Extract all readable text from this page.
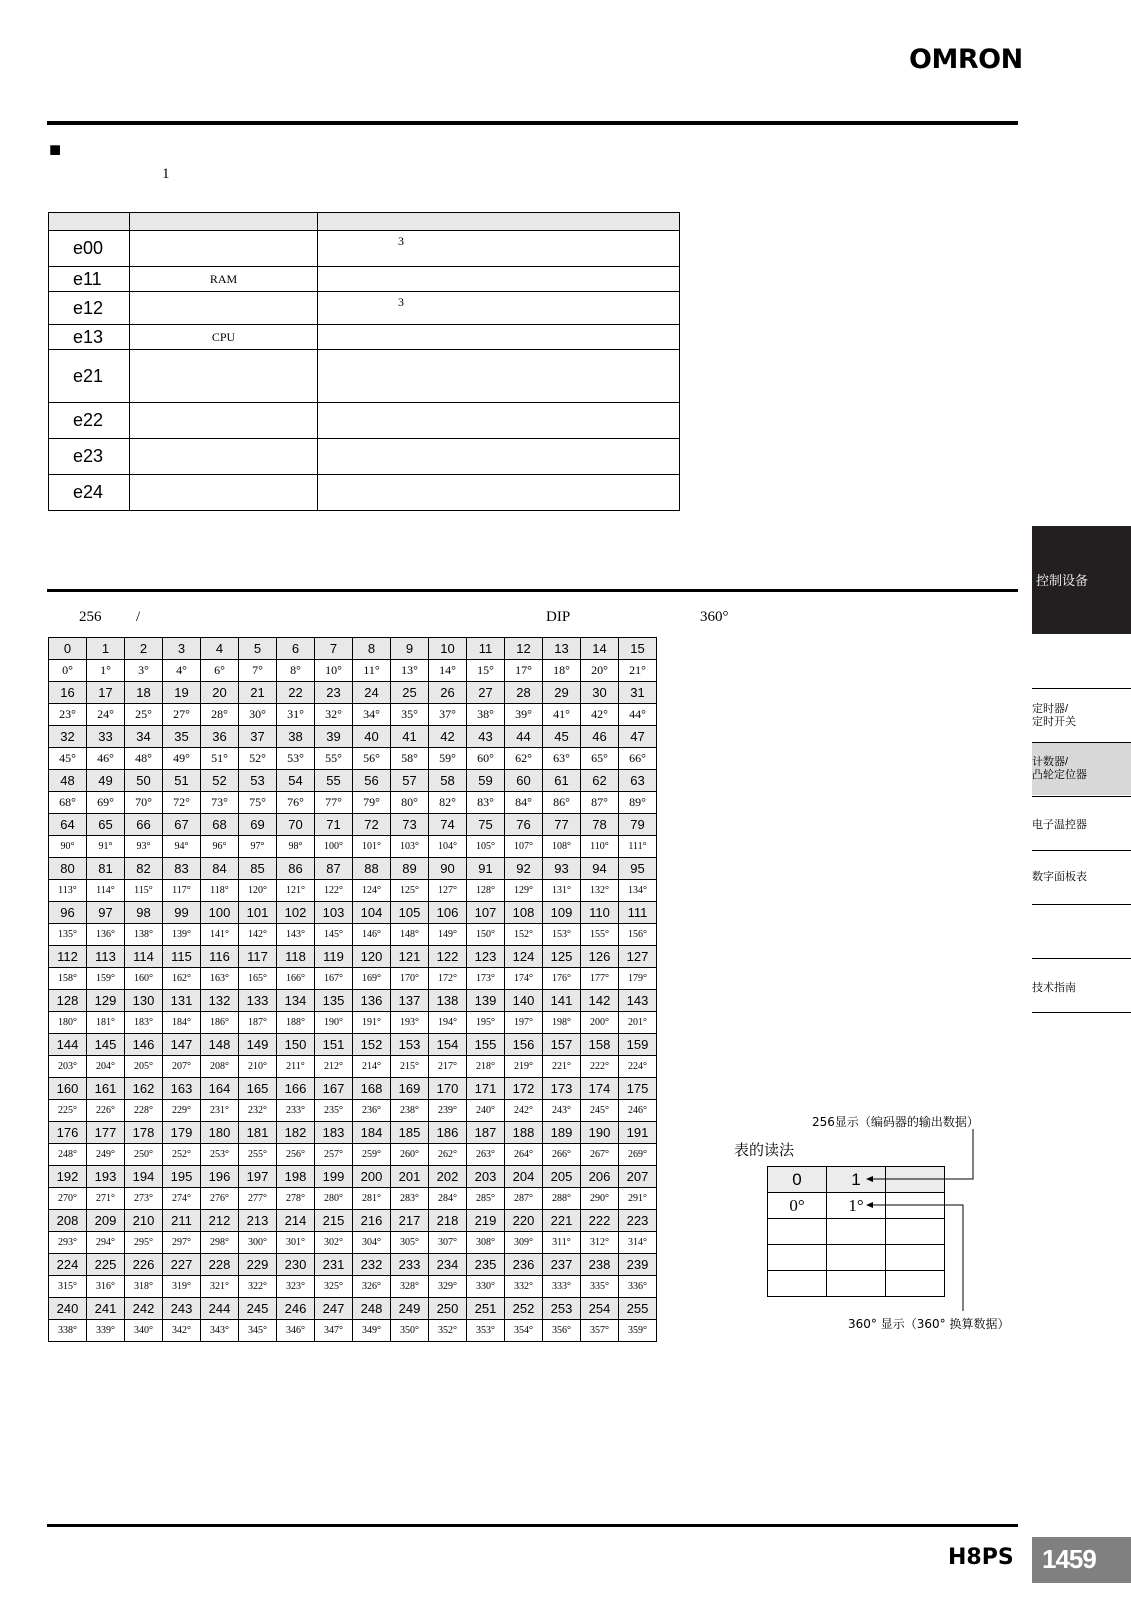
OMRON
■
1

e00		3
e11	RAM	
e12		3
e13	CPU	
e21		
e22		
e23		
e24		
256 /	DIP	360°
0	1	2	3	4	5	6	7	8	9	10	11	12	13	14	15
0°	1°	3°	4°	6°	7°	8°	10°	11°	13°	14°	15°	17°	18°	20°	21°
16	17	18	19	20	21	22	23	24	25	26	27	28	29	30	31
23°	24°	25°	27°	28°	30°	31°	32°	34°	35°	37°	38°	39°	41°	42°	44°
32	33	34	35	36	37	38	39	40	41	42	43	44	45	46	47
45°	46°	48°	49°	51°	52°	53°	55°	56°	58°	59°	60°	62°	63°	65°	66°
48	49	50	51	52	53	54	55	56	57	58	59	60	61	62	63
68°	69°	70°	72°	73°	75°	76°	77°	79°	80°	82°	83°	84°	86°	87°	89°
64	65	66	67	68	69	70	71	72	73	74	75	76	77	78	79
90°	91°	93°	94°	96°	97°	98°	100°	101°	103°	104°	105°	107°	108°	110°	111°
80	81	82	83	84	85	86	87	88	89	90	91	92	93	94	95
113°	114°	115°	117°	118°	120°	121°	122°	124°	125°	127°	128°	129°	131°	132°	134°
96	97	98	99	100	101	102	103	104	105	106	107	108	109	110	111
135°	136°	138°	139°	141°	142°	143°	145°	146°	148°	149°	150°	152°	153°	155°	156°
112	113	114	115	116	117	118	119	120	121	122	123	124	125	126	127
158°	159°	160°	162°	163°	165°	166°	167°	169°	170°	172°	173°	174°	176°	177°	179°
128	129	130	131	132	133	134	135	136	137	138	139	140	141	142	143
180°	181°	183°	184°	186°	187°	188°	190°	191°	193°	194°	195°	197°	198°	200°	201°
144	145	146	147	148	149	150	151	152	153	154	155	156	157	158	159
203°	204°	205°	207°	208°	210°	211°	212°	214°	215°	217°	218°	219°	221°	222°	224°
160	161	162	163	164	165	166	167	168	169	170	171	172	173	174	175
225°	226°	228°	229°	231°	232°	233°	235°	236°	238°	239°	240°	242°	243°	245°	246°
176	177	178	179	180	181	182	183	184	185	186	187	188	189	190	191
248°	249°	250°	252°	253°	255°	256°	257°	259°	260°	262°	263°	264°	266°	267°	269°
192	193	194	195	196	197	198	199	200	201	202	203	204	205	206	207
270°	271°	273°	274°	276°	277°	278°	280°	281°	283°	284°	285°	287°	288°	290°	291°
208	209	210	211	212	213	214	215	216	217	218	219	220	221	222	223
293°	294°	295°	297°	298°	300°	301°	302°	304°	305°	307°	308°	309°	311°	312°	314°
224	225	226	227	228	229	230	231	232	233	234	235	236	237	238	239
315°	316°	318°	319°	321°	322°	323°	325°	326°	328°	329°	330°	332°	333°	335°	336°
240	241	242	243	244	245	246	247	248	249	250	251	252	253	254	255
338°	339°	340°	342°	343°	345°	346°	347°	349°	350°	352°	353°	354°	356°	357°	359°
256显示（编码器的输出数据）
表的读法
0	1	
0°	1°	

360° 显示（360° 换算数据）
控制设备
定时器/
定时开关
计数器/
凸轮定位器
电子温控器
数字面板表
技术指南
H8PS 1459
